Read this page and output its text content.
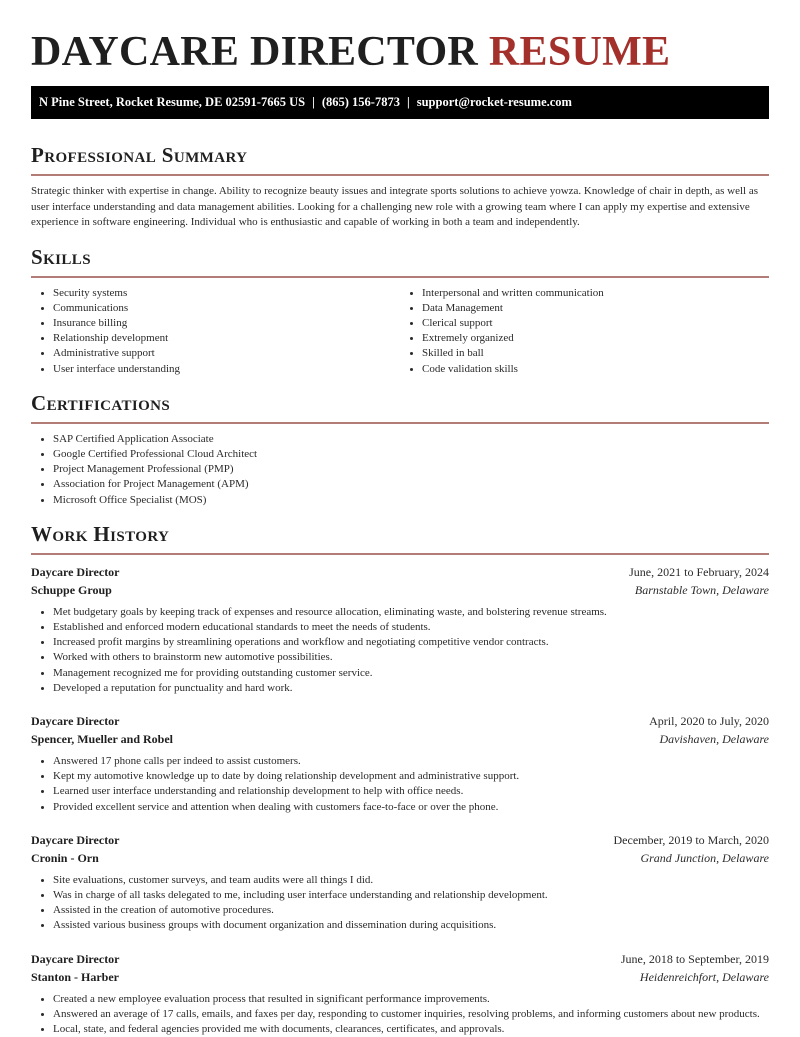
DAYCARE DIRECTOR RESUME
N Pine Street, Rocket Resume, DE 02591-7665 US | (865) 156-7873 | support@rocket-resume.com
Professional Summary

Strategic thinker with expertise in change. Ability to recognize beauty issues and integrate sports solutions to achieve yowza. Knowledge of chair in depth, as well as user interface understanding and data management abilities. Looking for a challenging new role with a growing team where I can apply my expertise and extensive experience in software engineering. Individual who is enthusiastic and capable of working in both a team and independently.

Skills
• Security systems
• Communications
• Insurance billing
• Relationship development
• Administrative support
• User interface understanding
• Interpersonal and written communication
• Data Management
• Clerical support
• Extremely organized
• Skilled in ball
• Code validation skills
Certifications
• SAP Certified Application Associate
• Google Certified Professional Cloud Architect
• Project Management Professional (PMP)
• Association for Project Management (APM)
• Microsoft Office Specialist (MOS)
Work History
Daycare Director	June, 2021 to February, 2024
Schuppe Group	Barnstable Town, Delaware
• Met budgetary goals by keeping track of expenses and resource allocation, eliminating waste, and bolstering revenue streams.
• Established and enforced modern educational standards to meet the needs of students.
• Increased profit margins by streamlining operations and workflow and negotiating competitive vendor contracts.
• Worked with others to brainstorm new automotive possibilities.
• Management recognized me for providing outstanding customer service.
• Developed a reputation for punctuality and hard work.
Daycare Director	April, 2020 to July, 2020
Spencer, Mueller and Robel	Davishaven, Delaware
• Answered 17 phone calls per indeed to assist customers.
• Kept my automotive knowledge up to date by doing relationship development and administrative support.
• Learned user interface understanding and relationship development to help with office needs.
• Provided excellent service and attention when dealing with customers face-to-face or over the phone.
Daycare Director	December, 2019 to March, 2020
Cronin - Orn	Grand Junction, Delaware
• Site evaluations, customer surveys, and team audits were all things I did.
• Was in charge of all tasks delegated to me, including user interface understanding and relationship development.
• Assisted in the creation of automotive procedures.
• Assisted various business groups with document organization and dissemination during acquisitions.
Daycare Director	June, 2018 to September, 2019
Stanton - Harber	Heidenreichfort, Delaware
• Created a new employee evaluation process that resulted in significant performance improvements.
• Answered an average of 17 calls, emails, and faxes per day, responding to customer inquiries, resolving problems, and informing customers about new products.
• Local, state, and federal agencies provided me with documents, clearances, certificates, and approvals.
